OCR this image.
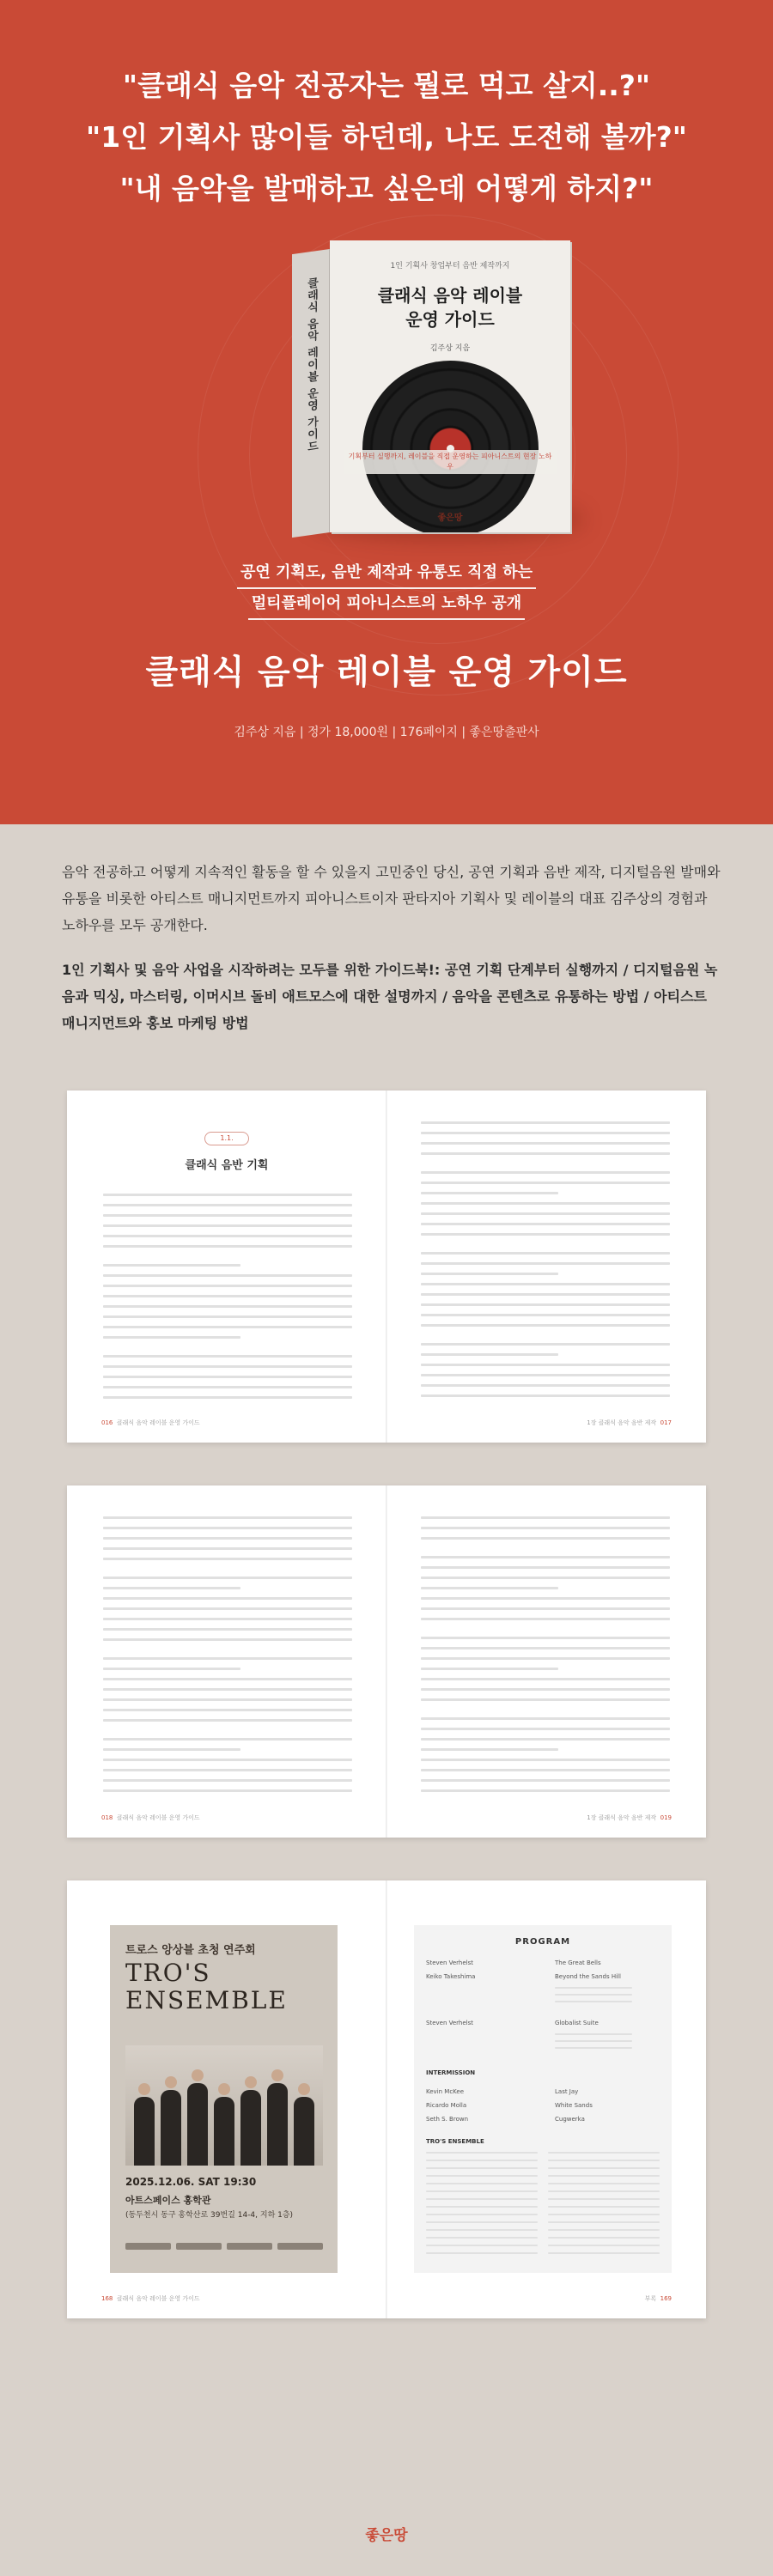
"클래식 음악 전공자는 뭘로 먹고 살지..?"
"1인 기획사 많이들 하던데, 나도 도전해 볼까?"
"내 음악을 발매하고 싶은데 어떻게 하지?"
클래식 음악 레이블 운영 가이드
1인 기획사 창업부터 음반 제작까지
클래식 음악 레이블
운영 가이드
김주상 지음
기획부터 실행까지, 레이블을 직접 운영하는 피아니스트의 현장 노하우
좋은땅
공연 기획도, 음반 제작과 유통도 직접 하는
멀티플레이어 피아니스트의 노하우 공개
클래식 음악 레이블 운영 가이드
김주상 지음 | 정가 18,000원 | 176페이지 | 좋은땅출판사

음악 전공하고 어떻게 지속적인 활동을 할 수 있을지 고민중인 당신, 공연 기획과 음반 제작, 디지털음원 발매와 유통을 비롯한 아티스트 매니지먼트까지 피아니스트이자 판타지아 기획사 및 레이블의 대표 김주상의 경험과 노하우를 모두 공개한다.

1인 기획사 및 음악 사업을 시작하려는 모두를 위한 가이드북!: 공연 기획 단계부터 실행까지 / 디지털음원 녹음과 믹싱, 마스터링, 이머시브 돌비 애트모스에 대한 설명까지 / 음악을 콘텐츠로 유통하는 방법 / 아티스트 매니지먼트와 홍보 마케팅 방법

1.1.
클래식 음반 기획
016 클래식 음악 레이블 운영 가이드	1장 클래식 음악 음반 제작 017
018 클래식 음악 레이블 운영 가이드	1장 클래식 음악 음반 제작 019
트로스 앙상블 초청 연주회
TRO'S
ENSEMBLE
2025.12.06. SAT 19:30
아트스페이스 홍학관
(동두천시 동구 홍학산로 39번길 14-4, 지하 1층)
168 클래식 음악 레이블 운영 가이드
PROGRAM
Steven Verhelst	The Great Bells
Keiko Takeshima	Beyond the Sands Hill
Steven Verhelst	Globalist Suite
Kevin McKee	Last Jay
Ricardo Molla	White Sands
Seth S. Brown	Cugwerka
INTERMISSION
TRO'S ENSEMBLE
부록 169
좋은땅
